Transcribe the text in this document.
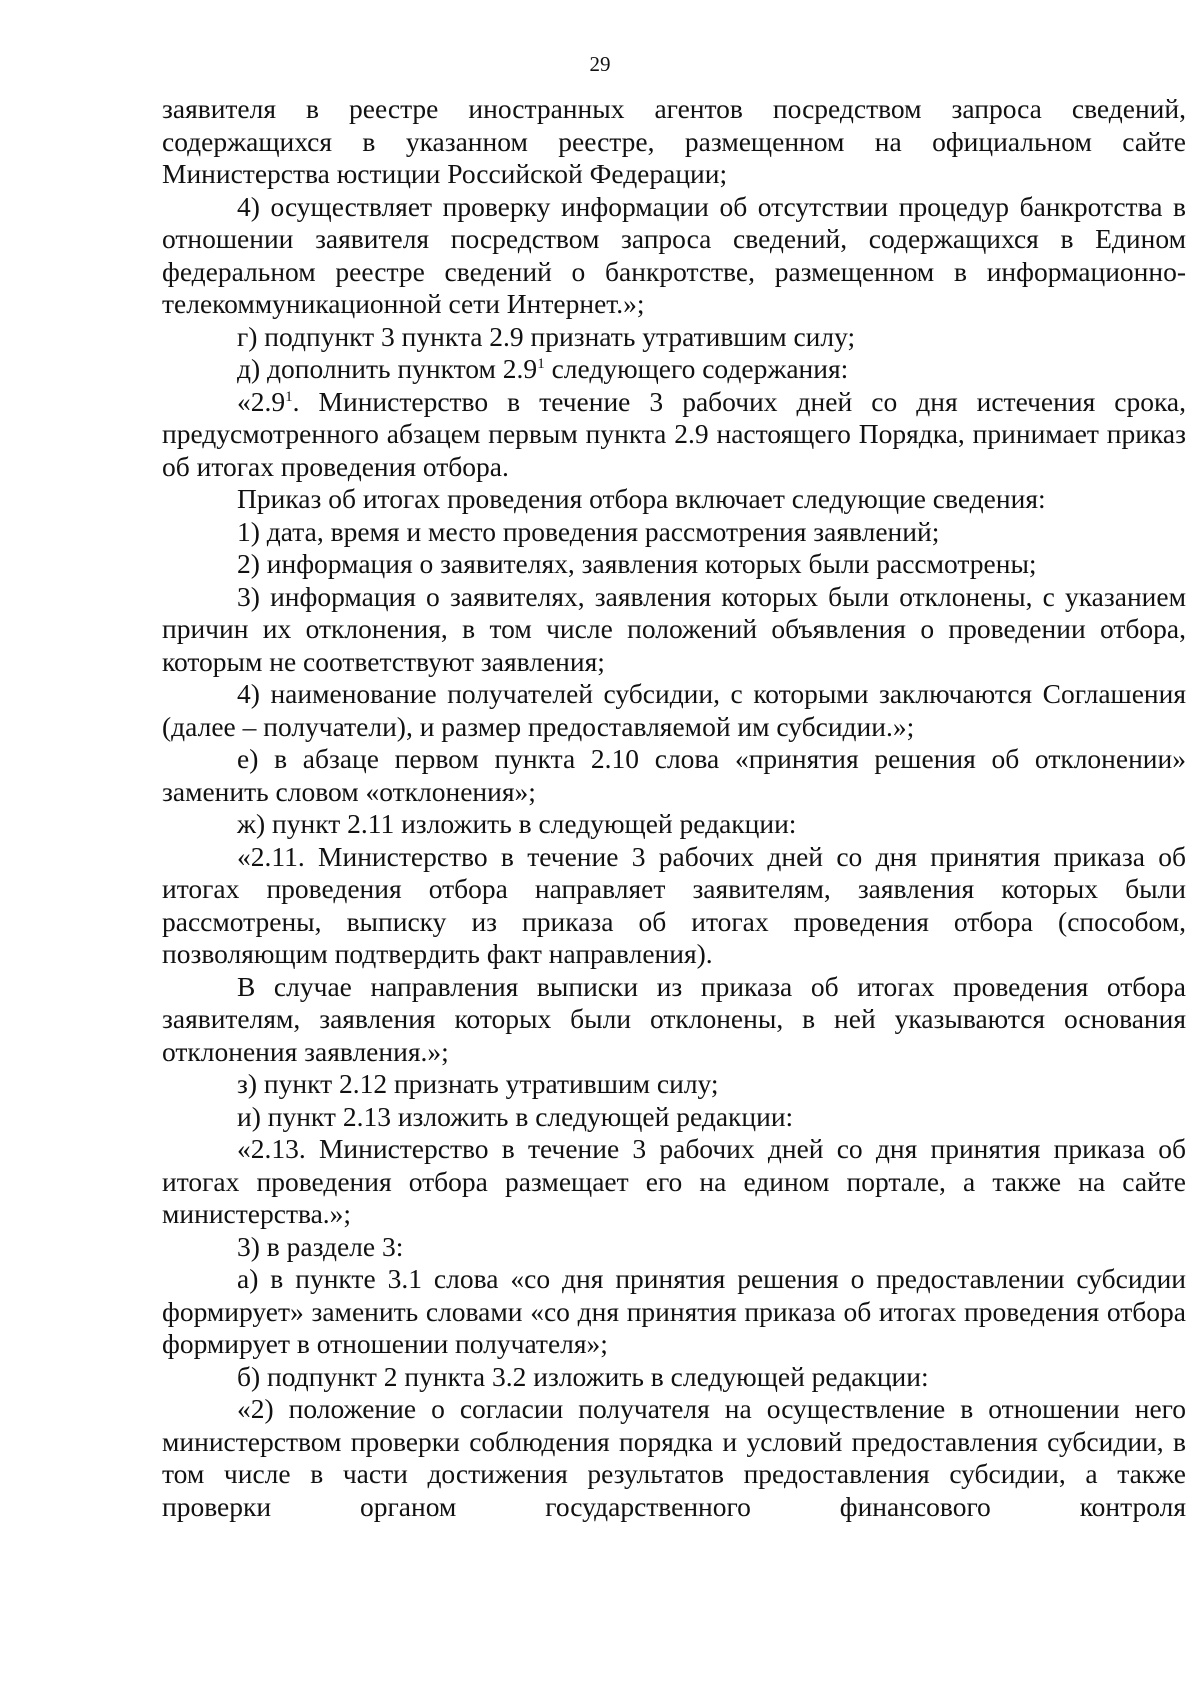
29

заявителя в реестре иностранных агентов посредством запроса сведений, содержащихся в указанном реестре, размещенном на официальном сайте Министерства юстиции Российской Федерации;

4) осуществляет проверку информации об отсутствии процедур банкротства в отношении заявителя посредством запроса сведений, содержащихся в Едином федеральном реестре сведений о банкротстве, размещенном в информационно-телекоммуникационной сети Интернет.»;

г) подпункт 3 пункта 2.9 признать утратившим силу;

д) дополнить пунктом $2.9^1$ следующего содержания:

«$2.9^1$. Министерство в течение 3 рабочих дней со дня истечения срока, предусмотренного абзацем первым пункта 2.9 настоящего Порядка, принимает приказ об итогах проведения отбора.

Приказ об итогах проведения отбора включает следующие сведения:

1) дата, время и место проведения рассмотрения заявлений;

2) информация о заявителях, заявления которых были рассмотрены;

3) информация о заявителях, заявления которых были отклонены, с указанием причин их отклонения, в том числе положений объявления о проведении отбора, которым не соответствуют заявления;

4) наименование получателей субсидии, с которыми заключаются Соглашения (далее – получатели), и размер предоставляемой им субсидии.»;

е) в абзаце первом пункта 2.10 слова «принятия решения об отклонении» заменить словом «отклонения»;

ж) пункт 2.11 изложить в следующей редакции:

«2.11. Министерство в течение 3 рабочих дней со дня принятия приказа об итогах проведения отбора направляет заявителям, заявления которых были рассмотрены, выписку из приказа об итогах проведения отбора (способом, позволяющим подтвердить факт направления).

В случае направления выписки из приказа об итогах проведения отбора заявителям, заявления которых были отклонены, в ней указываются основания отклонения заявления.»;

з) пункт 2.12 признать утратившим силу;

и) пункт 2.13 изложить в следующей редакции:

«2.13. Министерство в течение 3 рабочих дней со дня принятия приказа об итогах проведения отбора размещает его на едином портале, а также на сайте министерства.»;

3) в разделе 3:

а) в пункте 3.1 слова «со дня принятия решения о предоставлении субсидии формирует» заменить словами «со дня принятия приказа об итогах проведения отбора формирует в отношении получателя»;

б) подпункт 2 пункта 3.2 изложить в следующей редакции:

«2) положение о согласии получателя на осуществление в отношении него министерством проверки соблюдения порядка и условий предоставления субсидии, в том числе в части достижения результатов предоставления субсидии, а также проверки органом государственного финансового контроля
